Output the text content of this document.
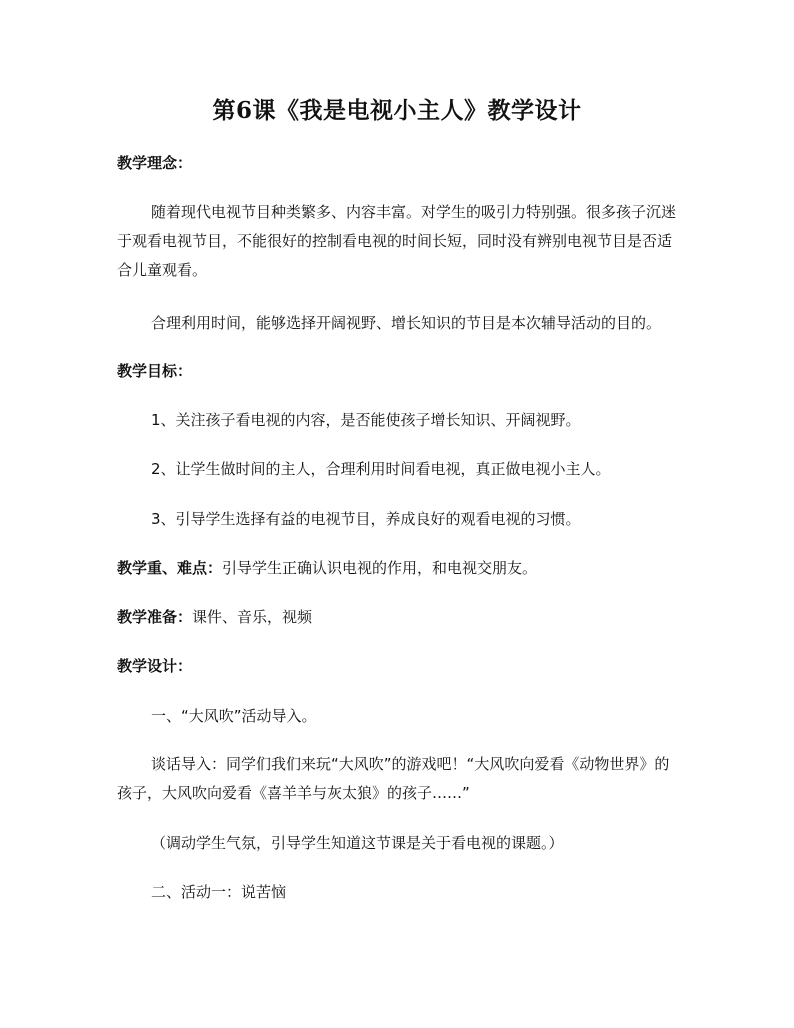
第6课《我是电视小主人》教学设计
教学理念：
随着现代电视节目种类繁多、内容丰富。对学生的吸引力特别强。很多孩子沉迷于观看电视节目，不能很好的控制看电视的时间长短，同时没有辨别电视节目是否适合儿童观看。
合理利用时间，能够选择开阔视野、增长知识的节目是本次辅导活动的目的。
教学目标：
1、关注孩子看电视的内容，是否能使孩子增长知识、开阔视野。
2、让学生做时间的主人，合理利用时间看电视，真正做电视小主人。
3、引导学生选择有益的电视节目，养成良好的观看电视的习惯。
教学重、难点：引导学生正确认识电视的作用，和电视交朋友。
教学准备：课件、音乐，视频
教学设计：
一、“大风吹”活动导入。
谈话导入：同学们我们来玩“大风吹”的游戏吧！“大风吹向爱看《动物世界》的孩子，大风吹向爱看《喜羊羊与灰太狼》的孩子……”
（调动学生气氛，引导学生知道这节课是关于看电视的课题。）
二、活动一：说苦恼
